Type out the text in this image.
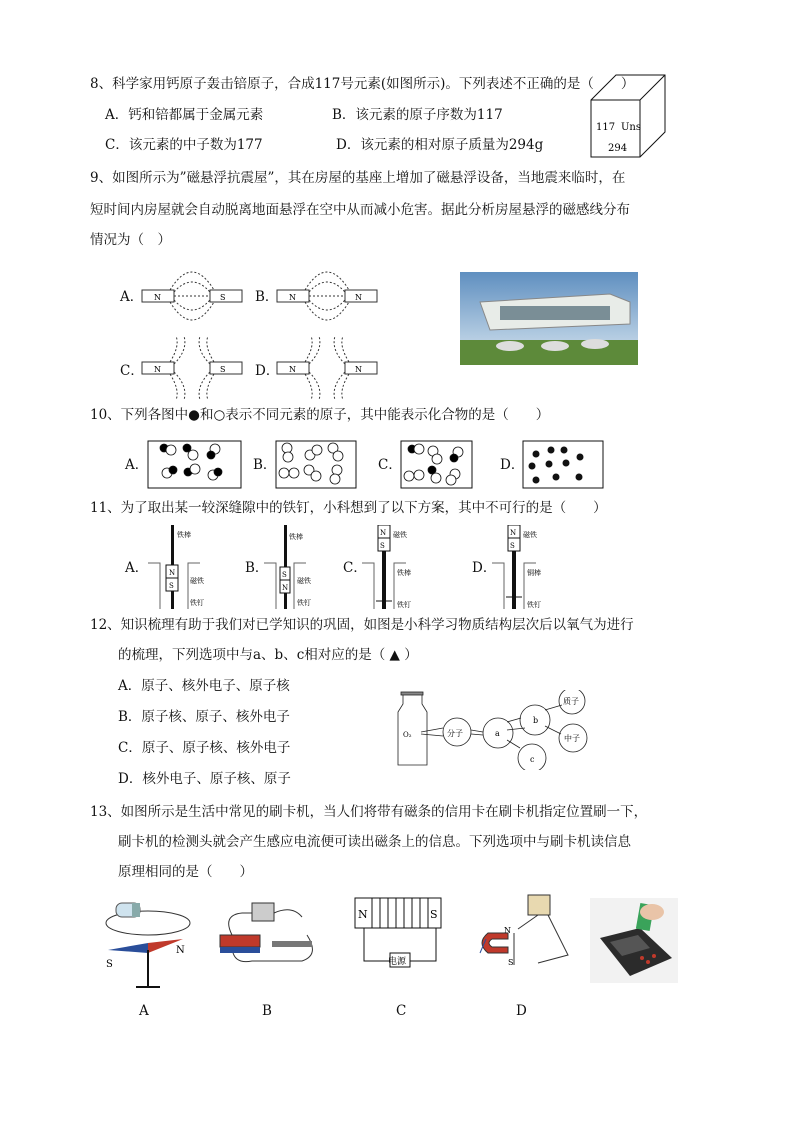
8、科学家用钙原子轰击锫原子，合成117号元素(如图所示)。下列表述不正确的是（　　）
A．钙和锫都属于金属元素	B．该元素的原子序数为117
C．该元素的中子数为177	D．该元素的相对原子质量为294g
117 Uns
294
9、如图所示为”磁悬浮抗震屋”，其在房屋的基座上增加了磁悬浮设备，当地震来临时，在
短时间内房屋就会自动脱离地面悬浮在空中从而减小危害。据此分析房屋悬浮的磁感线分布
情况为（　）
A．	B．
C．	D．
N	S	N	N
N	S	N	N
10、下列各图中●和○表示不同元素的原子，其中能表示化合物的是（　　）
A．	B．	C．	D．
11、为了取出某一较深缝隙中的铁钉，小科想到了以下方案，其中不可行的是（　　）
A．	B．	C．	D．
N
S
铁棒
磁铁
铁钉
S
N
铁棒
磁铁
铁钉
N
S
磁铁
铁棒
铁钉
N
S
磁铁
铜棒
铁钉
12、知识梳理有助于我们对已学知识的巩固，如图是小科学习物质结构层次后以氧气为进行
的梳理，下列选项中与a、b、c相对应的是（ ▲ ）
A．原子、核外电子、原子核
B．原子核、原子、核外电子
C．原子、原子核、核外电子
D．核外电子、原子核、原子
O₂	分子	a
b
c
质子
中子
13、如图所示是生活中常见的刷卡机，当人们将带有磁条的信用卡在刷卡机指定位置刷一下，
刷卡机的检测头就会产生感应电流便可读出磁条上的信息。下列选项中与刷卡机读信息
原理相同的是（　　）
S
N
N	S
电源
N
S
A	B	C	D
